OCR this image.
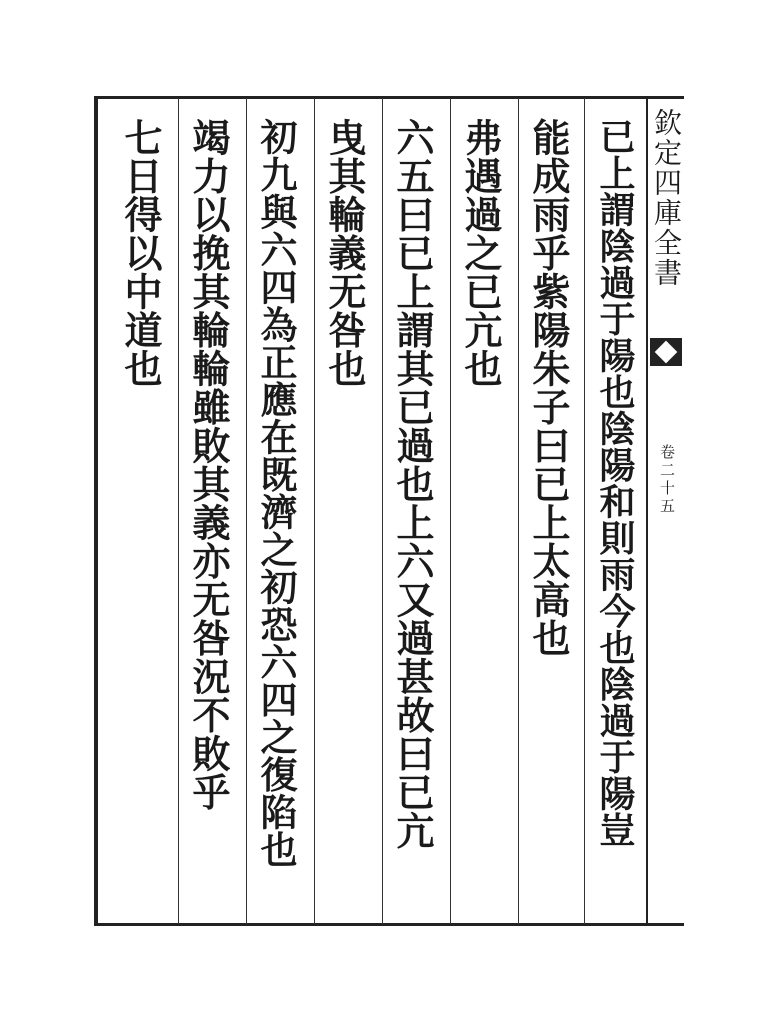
欽定四庫全書
卷二十五
已上謂陰過于陽也陰陽和則雨今也陰過于陽豈
能成雨乎紫陽朱子曰已上太高也
弗遇過之已亢也
六五曰已上謂其已過也上六又過甚故曰已亢
曳其輪義无咎也
初九與六四為正應在既濟之初恐六四之復陷也
竭力以挽其輪輪雖敗其義亦无咎況不敗乎
七日得以中道也
